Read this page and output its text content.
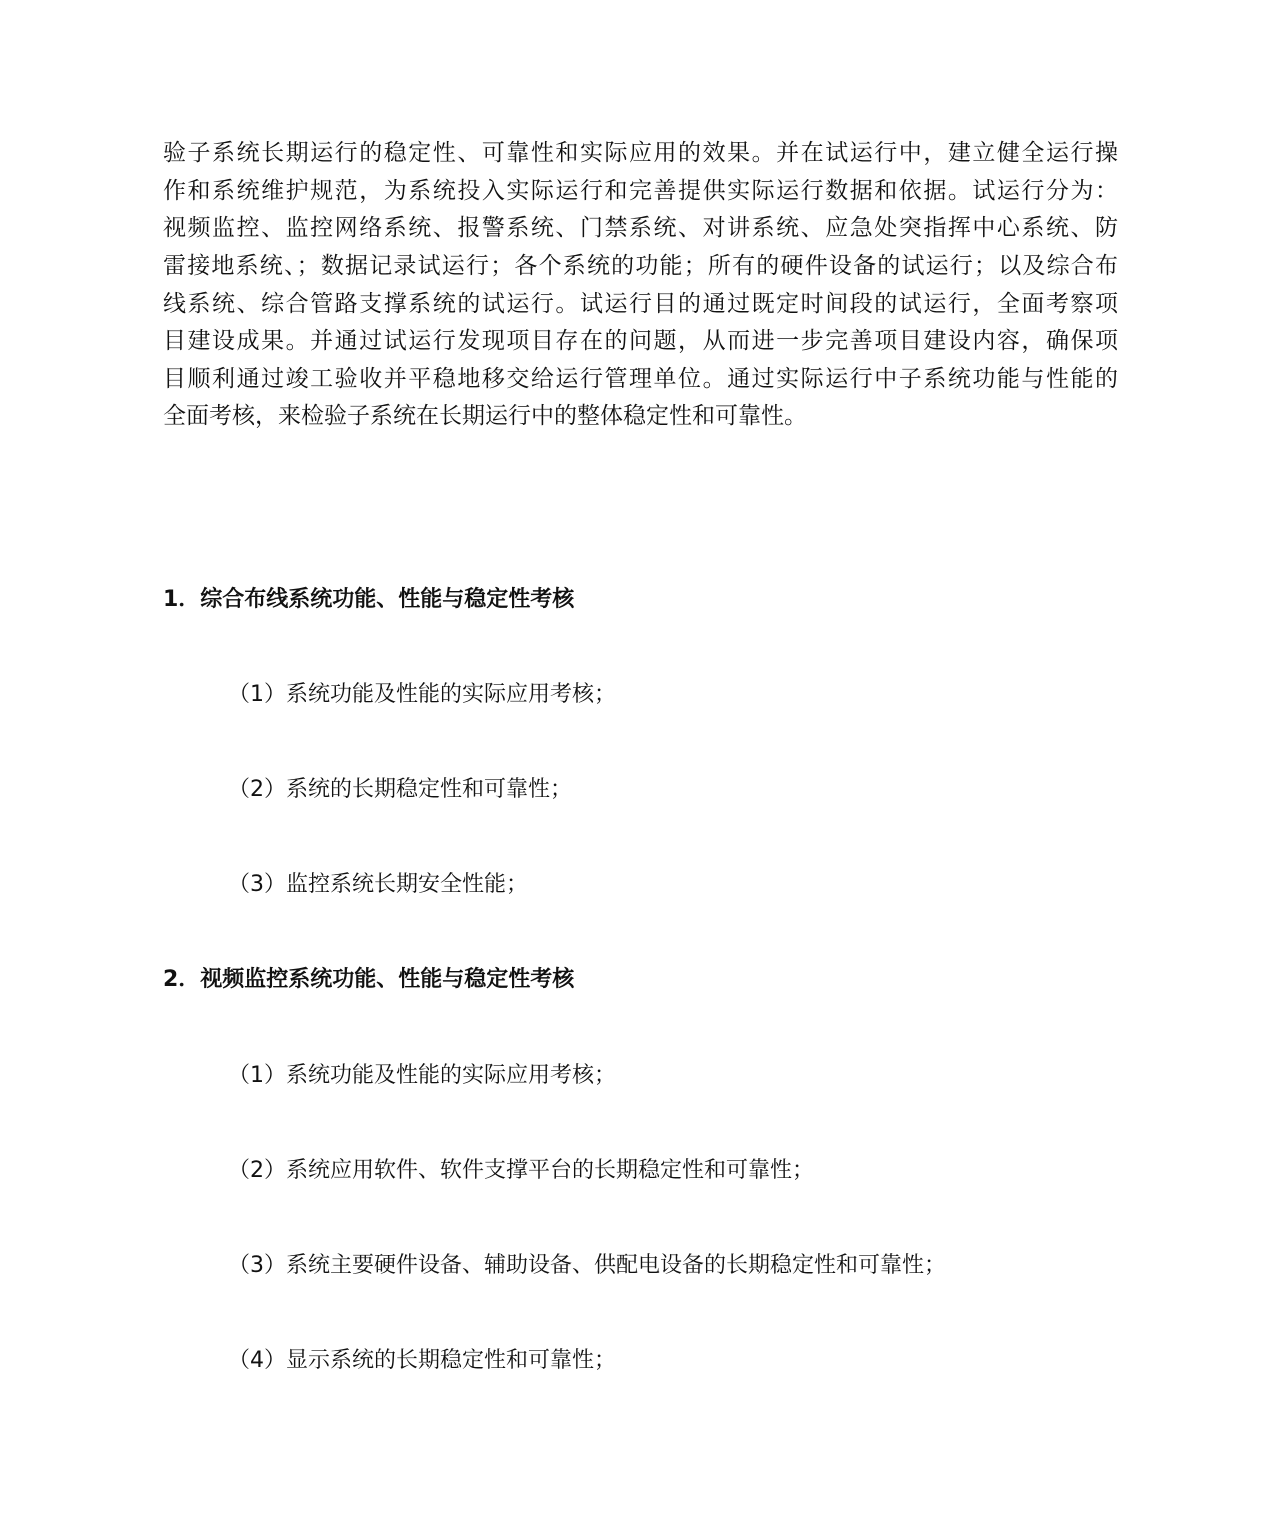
验子系统长期运行的稳定性、可靠性和实际应用的效果。并在试运行中，建立健全运行操
作和系统维护规范，为系统投入实际运行和完善提供实际运行数据和依据。试运行分为：
视频监控、监控网络系统、报警系统、门禁系统、对讲系统、应急处突指挥中心系统、防
雷接地系统、；数据记录试运行；各个系统的功能；所有的硬件设备的试运行；以及综合布
线系统、综合管路支撑系统的试运行。试运行目的通过既定时间段的试运行，全面考察项
目建设成果。并通过试运行发现项目存在的问题，从而进一步完善项目建设内容，确保项
目顺利通过竣工验收并平稳地移交给运行管理单位。通过实际运行中子系统功能与性能的
全面考核，来检验子系统在长期运行中的整体稳定性和可靠性。
1．综合布线系统功能、性能与稳定性考核
（1）系统功能及性能的实际应用考核；
（2）系统的长期稳定性和可靠性；
（3）监控系统长期安全性能；
2．视频监控系统功能、性能与稳定性考核
（1）系统功能及性能的实际应用考核；
（2）系统应用软件、软件支撑平台的长期稳定性和可靠性；
（3）系统主要硬件设备、辅助设备、供配电设备的长期稳定性和可靠性；
（4）显示系统的长期稳定性和可靠性；
